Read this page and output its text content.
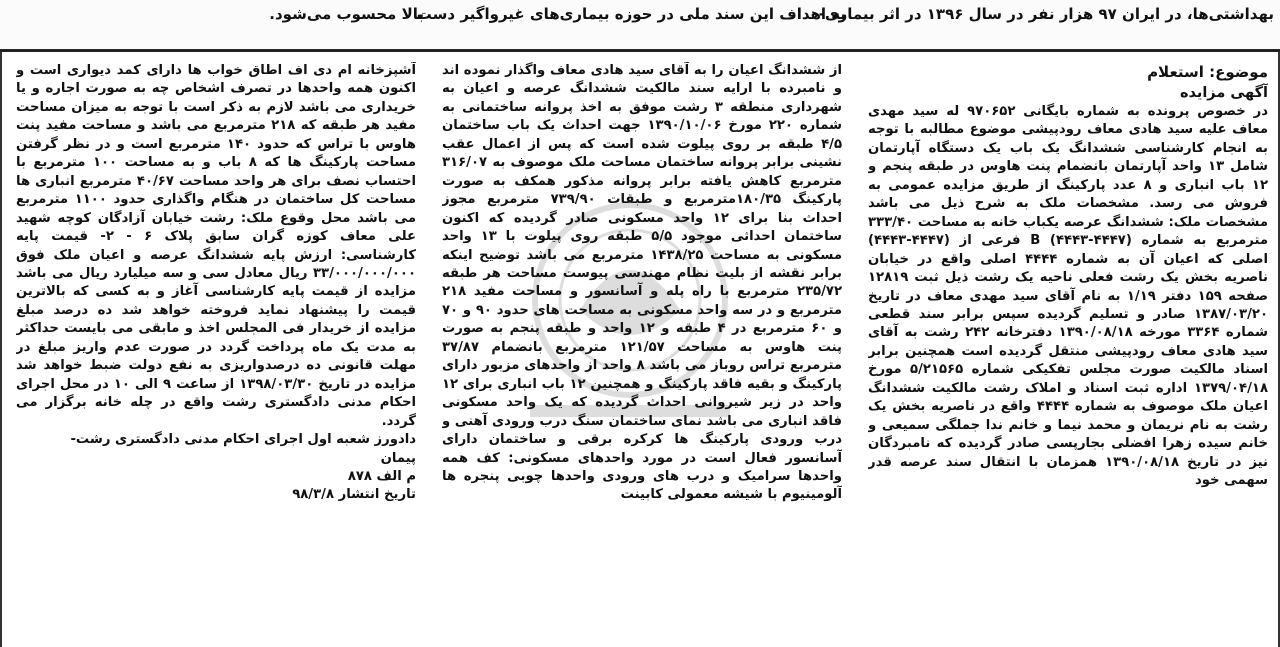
بهداشتی‌ها، در ایران ۹۷ هزار نفر در سال ۱۳۹۶ در اثر بیماری-
به اهداف این سند ملی در حوزه بیماری‌های غیرواگیر دست
بالا محسوب می‌شود.

موضوع: استعلام

آگهی مزایده

در خصوص پرونده به شماره بایگانی ۹۷۰۶۵۲ له سید مهدی معاف علیه سید هادی معاف رودپیشی موضوع مطالبه با توجه به انجام کارشناسی ششدانگ یک باب یک دستگاه آپارتمان شامل ۱۳ واحد آپارتمان بانضمام پنت هاوس در طبقه پنجم و ۱۲ باب انباری و ۸ عدد پارکینگ از طریق مزایده عمومی به فروش می رسد. مشخصات ملک به شرح ذیل می باشد مشخصات ملک: ششدانگ عرصه یکباب خانه به مساحت ۳۳۳/۴۰ مترمربع به شماره (۴۴۴۷-۴۴۴۳) B فرعی از (۴۴۴۷-۴۴۴۳) اصلی که اعیان آن به شماره ۴۴۴۴ اصلی واقع در خیابان ناصریه بخش یک رشت فعلی ناحیه یک رشت ذیل ثبت ۱۲۸۱۹ صفحه ۱۵۹ دفتر ۱/۱۹ به نام آقای سید مهدی معاف در تاریخ ۱۳۸۷/۰۳/۲۰ صادر و تسلیم گردیده سپس برابر سند قطعی شماره ۳۳۶۴ مورخه ۱۳۹۰/۰۸/۱۸ دفترخانه ۲۴۲ رشت به آقای سید هادی معاف رودپیشی منتقل گردیده است همچنین برابر اسناد مالکیت صورت مجلس تفکیکی شماره ۵/۲۱۵۶۵ مورخ ۱۳۷۹/۰۴/۱۸ اداره ثبت اسناد و املاک رشت مالکیت ششدانگ اعیان ملک موصوف به شماره ۴۴۴۴ واقع در ناصریه بخش یک رشت به نام نریمان و محمد نیما و خانم ندا جملگی سمیعی و خانم سیده زهرا افضلی بجارپسی صادر گردیده که نامبردگان نیز در تاریخ ۱۳۹۰/۰۸/۱۸ همزمان با انتقال سند عرصه قدر سهمی خود

از ششدانگ اعیان را به آقای سید هادی معاف واگذار نموده اند و نامبرده با ارایه سند مالکیت ششدانگ عرصه و اعیان به شهرداری منطقه ۳ رشت موفق به اخذ پروانه ساختمانی به شماره ۲۲۰ مورخ ۱۳۹۰/۱۰/۰۶ جهت احداث یک باب ساختمان ۴/۵ طبقه بر روی پیلوت شده است که پس از اعمال عقب نشینی برابر پروانه ساختمان مساحت ملک موصوف به ۳۱۶/۰۷ مترمربع کاهش یافته برابر پروانه مذکور همکف به صورت پارکینگ ۱۸۰/۳۵مترمربع و طبقات ۷۳۹/۹۰ مترمربع مجوز احداث بنا برای ۱۲ واحد مسکونی صادر گردیده که اکنون ساختمان احداثی موجود ۵/۵ طبقه روی پیلوت با ۱۳ واحد مسکونی به مساحت ۱۴۳۸/۲۵ مترمربع می باشد توضیح اینکه برابر نقشه از بلیت نظام مهندسی پیوست مساحت هر طبقه ۲۳۵/۷۲ مترمربع با راه پله و آسانسور و مساحت مفید ۲۱۸ مترمربع و در سه واحد مسکونی به مساحت های حدود ۹۰ و ۷۰ و ۶۰ مترمربع در ۴ طبقه و ۱۲ واحد و طبقه پنجم به صورت پنت هاوس به مساحت ۱۲۱/۵۷ مترمربع بانضمام ۳۷/۸۷ مترمربع تراس روباز می باشد ۸ واحد از واحدهای مزبور دارای پارکینگ و بقیه فاقد پارکینگ و همچنین ۱۲ باب انباری برای ۱۲ واحد در زیر شیروانی احداث گردیده که یک واحد مسکونی فاقد انباری می باشد نمای ساختمان سنگ درب ورودی آهنی و درب ورودی پارکینگ ها کرکره برقی و ساختمان دارای آسانسور فعال است در مورد واحدهای مسکونی: کف همه واحدها سرامیک و درب های ورودی واحدها چوبی پنجره ها آلومینیوم با شیشه معمولی کابینت

آشپزخانه ام دی اف اطاق خواب ها دارای کمد دیواری است و اکنون همه واحدها در تصرف اشخاص چه به صورت اجاره و یا خریداری می باشد لازم به ذکر است با توجه به میزان مساحت مفید هر طبقه که ۲۱۸ مترمربع می باشد و مساحت مفید پنت هاوس با تراس که حدود ۱۴۰ مترمربع است و در نظر گرفتن مساحت پارکینگ ها که ۸ باب و به مساحت ۱۰۰ مترمربع با احتساب نصف برای هر واحد مساحت ۴۰/۶۷ مترمربع انباری ها مساحت کل ساختمان در هنگام واگذاری حدود ۱۱۰۰ مترمربع می باشد محل وقوع ملک: رشت خیابان آزادگان کوچه شهید علی معاف کوزه گران سابق پلاک ۶ - ۲- قیمت پایه کارشناسی: ارزش پایه ششدانگ عرصه و اعیان ملک فوق ۳۳/۰۰۰/۰۰۰/۰۰۰ ریال معادل سی و سه میلیارد ریال می باشد مزایده از قیمت پایه کارشناسی آغاز و به کسی که بالاترین قیمت را پیشنهاد نماید فروخته خواهد شد ده درصد مبلغ مزایده از خریدار فی المجلس اخذ و مابقی می بایست حداکثر به مدت یک ماه پرداخت گردد در صورت عدم واریز مبلغ در مهلت قانونی ده درصدواریزی به نفع دولت ضبط خواهد شد مزایده در تاریخ ۱۳۹۸/۰۳/۳۰ از ساعت ۹ الی ۱۰ در محل اجرای احکام مدنی دادگستری رشت واقع در چله خانه برگزار می گردد.

دادورز شعبه اول اجرای احکام مدنی دادگستری رشت-

پیمان

م الف ۸۷۸

تاریخ انتشار ۹۸/۳/۸
